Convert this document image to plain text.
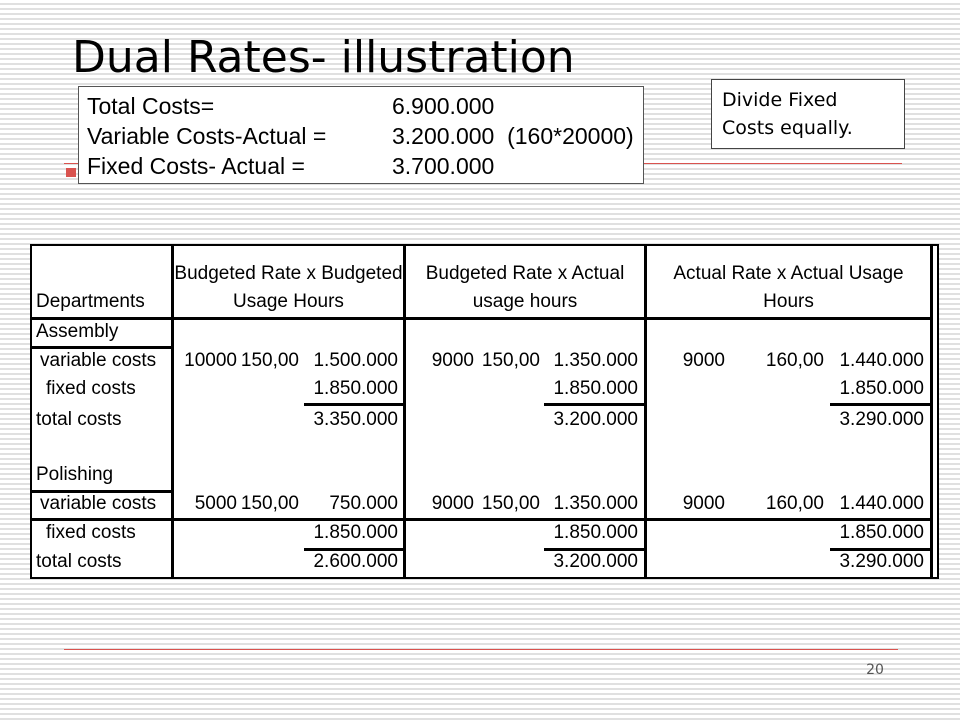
Dual Rates- illustration
Total Costs=	6.900.000
Variable Costs-Actual =	3.200.000  (160*20000)
Fixed Costs- Actual =	3.700.000
Divide Fixed
Costs equally.
Departments
Budgeted Rate x Budgeted
Usage Hours
Budgeted Rate x Actual
usage hours
Actual Rate x Actual Usage
Hours
Assembly
variable costs	10000 150,00 1.500.000	9000 150,00 1.350.000	9000	160,00 1.440.000
fixed costs	1.850.000	1.850.000	1.850.000
total costs	3.350.000	3.200.000	3.290.000
Polishing
variable costs	5000 150,00	750.000	9000 150,00 1.350.000	9000	160,00 1.440.000
fixed costs	1.850.000	1.850.000	1.850.000
total costs	2.600.000	3.200.000	3.290.000
20
